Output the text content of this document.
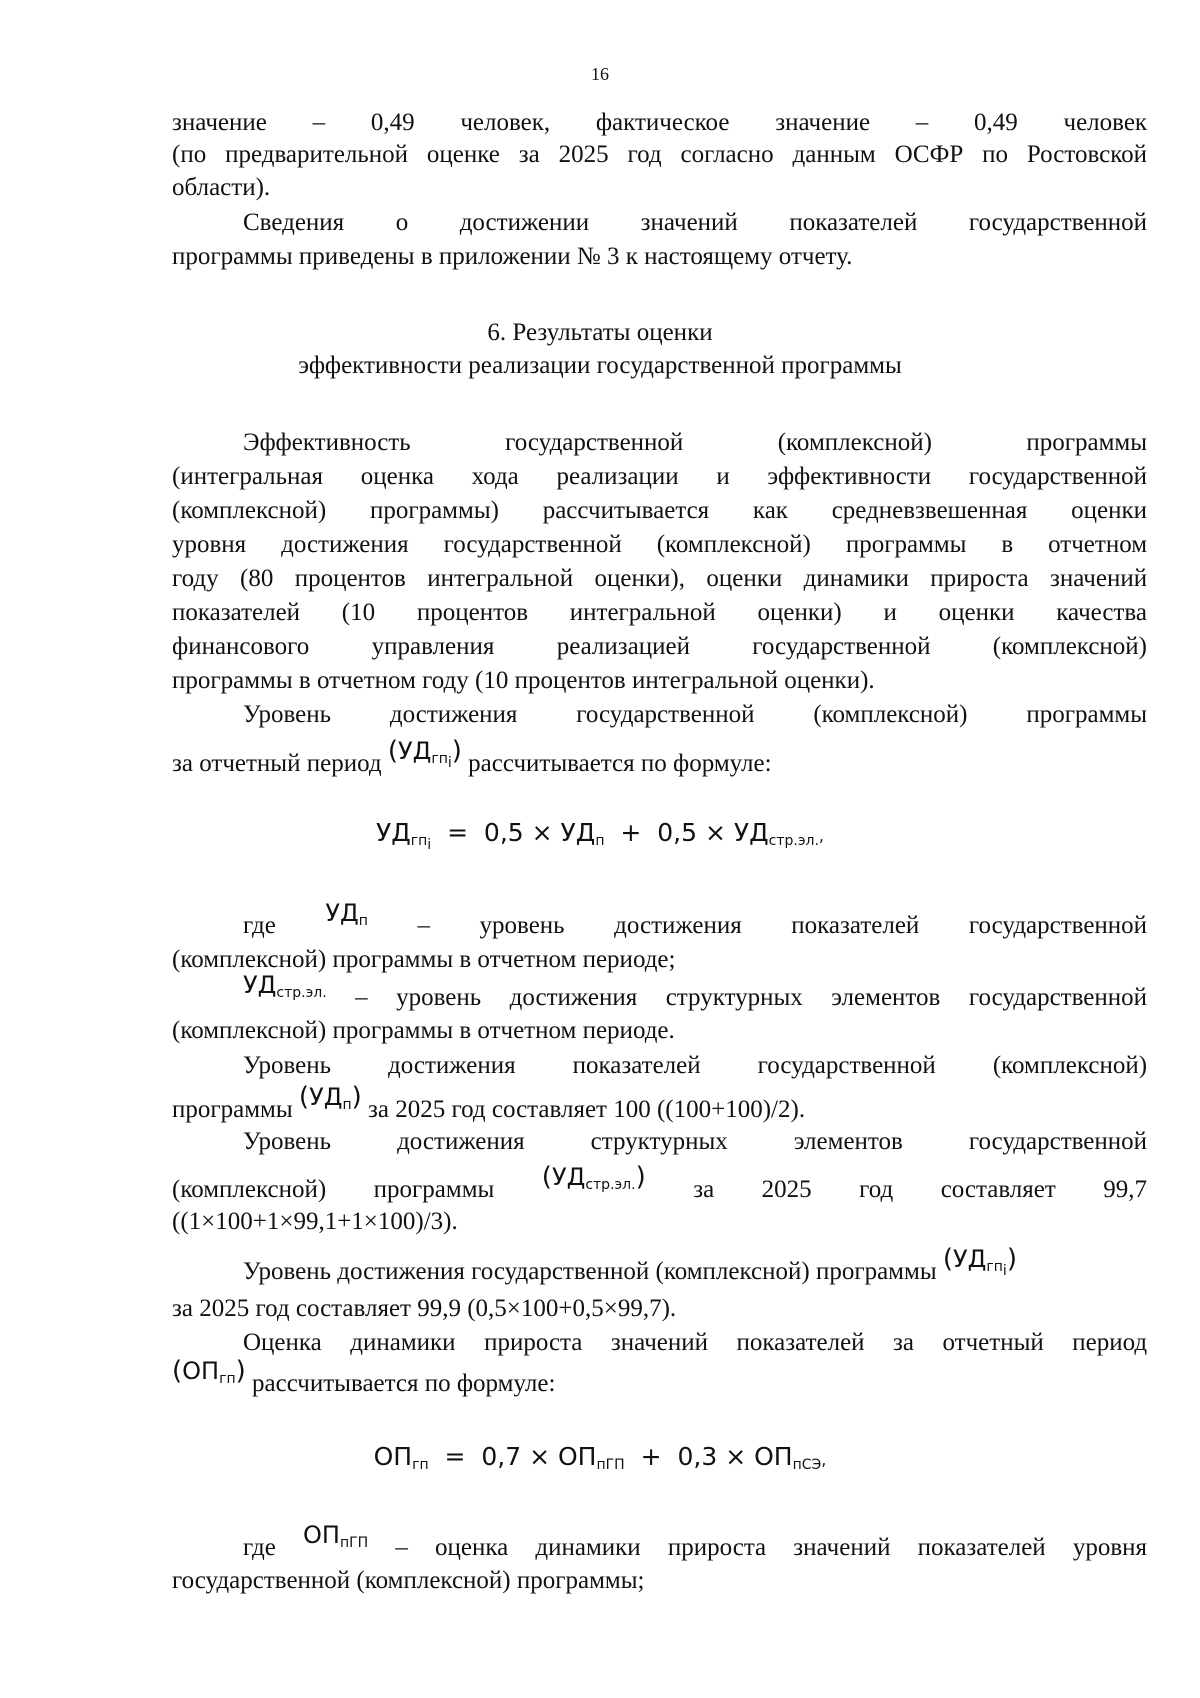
16
значение – 0,49 человек, фактическое значение – 0,49 человек
(по предварительной оценке за 2025 год согласно данным ОСФР по Ростовской
области).
Сведения о достижении значений показателей государственной
программы приведены в приложении № 3 к настоящему отчету.
6. Результаты оценки
эффективности реализации государственной программы
Эффективность	государственной	(комплексной)	программы
(интегральная оценка хода реализации и эффективности государственной
(комплексной) программы) рассчитывается как средневзвешенная оценки
уровня достижения государственной (комплексной) программы в отчетном
году (80 процентов интегральной оценки), оценки динамики прироста значений
показателей (10 процентов интегральной оценки) и оценки качества
финансового управления реализацией государственной (комплексной)
программы в отчетном году (10 процентов интегральной оценки).
Уровень достижения государственной (комплексной) программы
за отчетный период $(УД_{гп_i})$ рассчитывается по формуле:
$УД_{гп_i} = 0,5 \times УД_п + 0,5 \times УД_{стр.эл.}$,
где $УД_п$ – уровень достижения показателей государственной
(комплексной) программы в отчетном периоде;
$УД_{стр.эл.}$ – уровень достижения структурных элементов государственной
(комплексной) программы в отчетном периоде.
Уровень достижения показателей государственной (комплексной)
программы $(УД_п)$ за 2025 год составляет 100 ((100+100)/2).
Уровень	достижения	структурных	элементов	государственной
(комплексной) программы $(УД_{стр.эл.})$ за 2025 год составляет 99,7
((1×100+1×99,1+1×100)/3).
Уровень достижения государственной (комплексной) программы $(УД_{гп_i})$
за 2025 год составляет 99,9 (0,5×100+0,5×99,7).
Оценка динамики прироста значений показателей за отчетный период
$(ОП_{гп})$ рассчитывается по формуле:
$ОП_{гп} = 0,7 \times ОП_{пГП} + 0,3 \times ОП_{пСЭ}$,
где $ОП_{пГП}$ – оценка динамики прироста значений показателей уровня
государственной (комплексной) программы;
